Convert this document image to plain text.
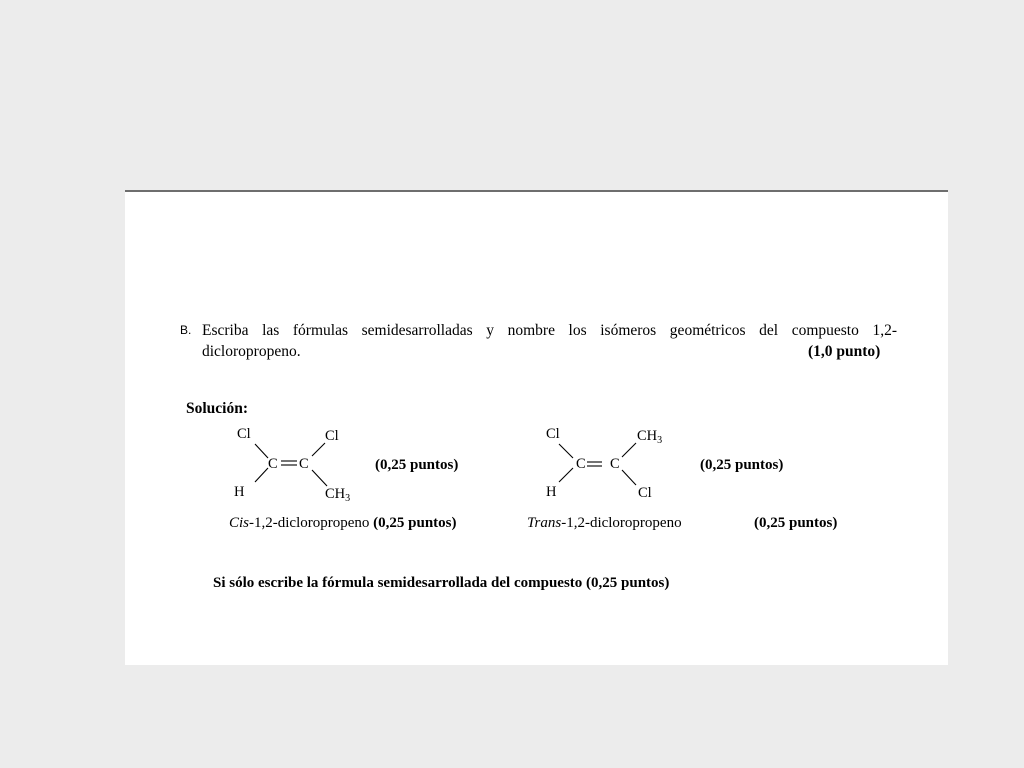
B. Escriba las fórmulas semidesarrolladas y nombre los isómeros geométricos del compuesto 1,2-
dicloropropeno.	(1,0 punto)
Solución:
Cl	Cl
C C
H	$CH_3$
(0,25 puntos)
Cl	$CH_3$
C C
H	Cl
(0,25 puntos)
Cis-1,2-dicloropropeno (0,25 puntos)	Trans-1,2-dicloropropeno	(0,25 puntos)
Si sólo escribe la fórmula semidesarrollada del compuesto (0,25 puntos)
